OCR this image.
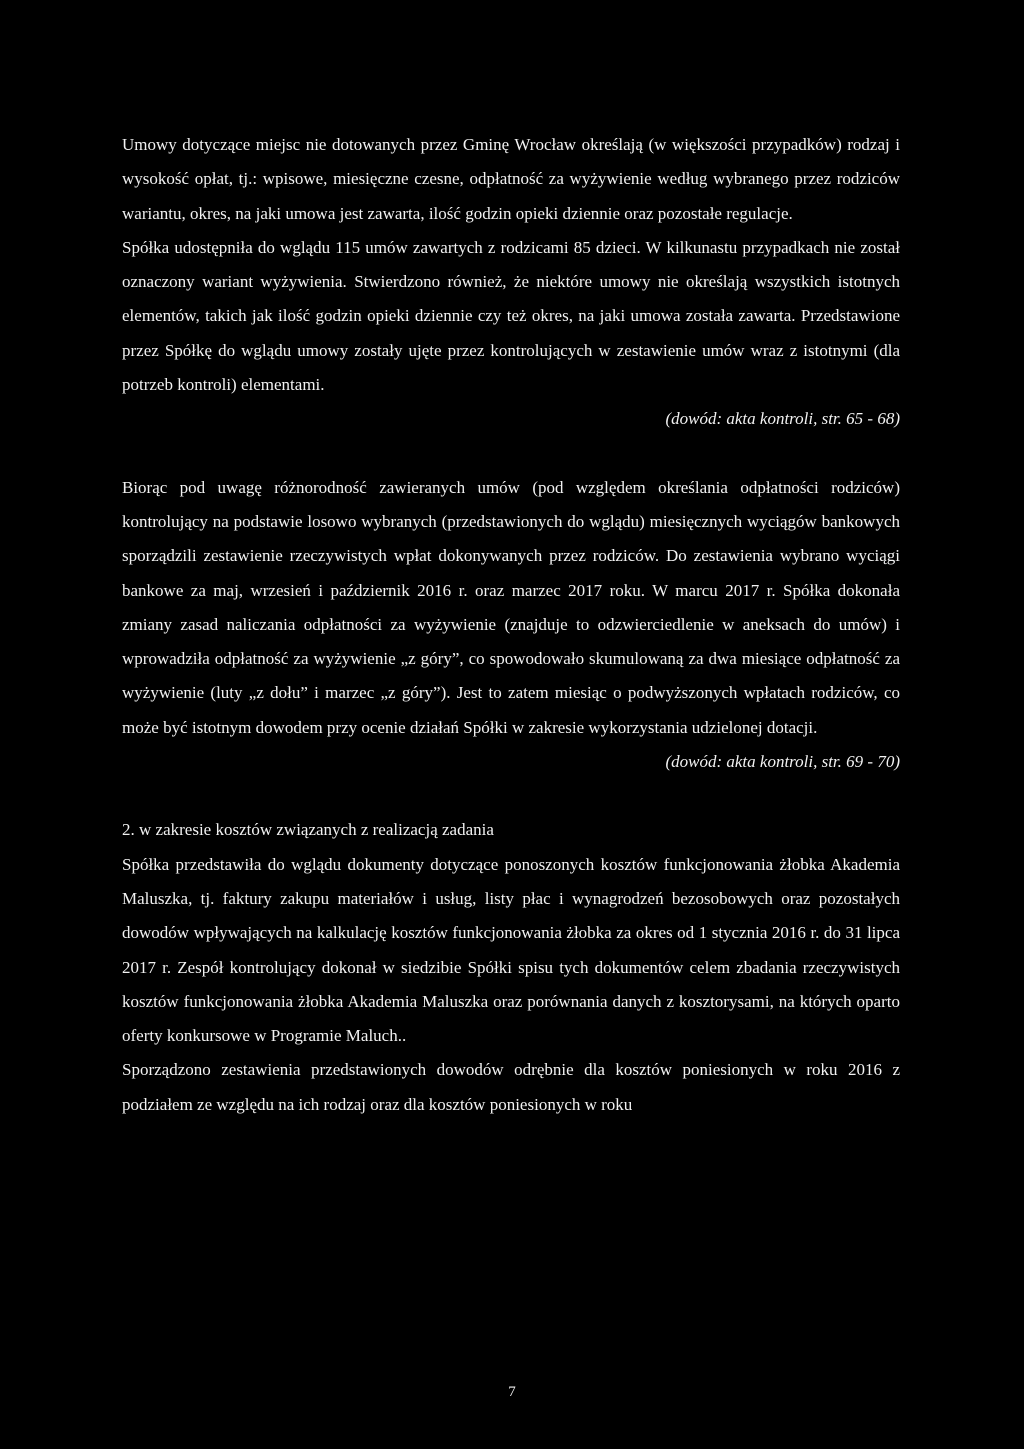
Umowy dotyczące miejsc nie dotowanych przez Gminę Wrocław określają (w większości przypadków) rodzaj i wysokość opłat, tj.: wpisowe, miesięczne czesne, odpłatność za wyżywienie według wybranego przez rodziców wariantu, okres, na jaki umowa jest zawarta, ilość godzin opieki dziennie oraz pozostałe regulacje.

Spółka udostępniła do wglądu 115 umów zawartych z rodzicami 85 dzieci. W kilkunastu przypadkach nie został oznaczony wariant wyżywienia. Stwierdzono również, że niektóre umowy nie określają wszystkich istotnych elementów, takich jak ilość godzin opieki dziennie czy też okres, na jaki umowa została zawarta. Przedstawione przez Spółkę do wglądu umowy zostały ujęte przez kontrolujących w zestawienie umów wraz z istotnymi (dla potrzeb kontroli) elementami.

(dowód: akta kontroli, str. 65 - 68)

Biorąc pod uwagę różnorodność zawieranych umów (pod względem określania odpłatności rodziców) kontrolujący na podstawie losowo wybranych (przedstawionych do wglądu) miesięcznych wyciągów bankowych sporządzili zestawienie rzeczywistych wpłat dokonywanych przez rodziców. Do zestawienia wybrano wyciągi bankowe za maj, wrzesień i październik 2016 r. oraz marzec 2017 roku. W marcu 2017 r. Spółka dokonała zmiany zasad naliczania odpłatności za wyżywienie (znajduje to odzwierciedlenie w aneksach do umów) i wprowadziła odpłatność za wyżywienie „z góry”, co spowodowało skumulowaną za dwa miesiące odpłatność za wyżywienie (luty „z dołu” i marzec „z góry”). Jest to zatem miesiąc o podwyższonych wpłatach rodziców, co może być istotnym dowodem przy ocenie działań Spółki w zakresie wykorzystania udzielonej dotacji.

(dowód: akta kontroli, str. 69 - 70)

2. w zakresie kosztów związanych z realizacją zadania

Spółka przedstawiła do wglądu dokumenty dotyczące ponoszonych kosztów funkcjonowania żłobka Akademia Maluszka, tj. faktury zakupu materiałów i usług, listy płac i wynagrodzeń bezosobowych oraz pozostałych dowodów wpływających na kalkulację kosztów funkcjonowania żłobka za okres od 1 stycznia 2016 r. do 31 lipca 2017 r. Zespół kontrolujący dokonał w siedzibie Spółki spisu tych dokumentów celem zbadania rzeczywistych kosztów funkcjonowania żłobka Akademia Maluszka oraz porównania danych z kosztorysami, na których oparto oferty konkursowe w Programie Maluch..

Sporządzono zestawienia przedstawionych dowodów odrębnie dla kosztów poniesionych w roku 2016 z podziałem ze względu na ich rodzaj oraz dla kosztów poniesionych w roku

7
